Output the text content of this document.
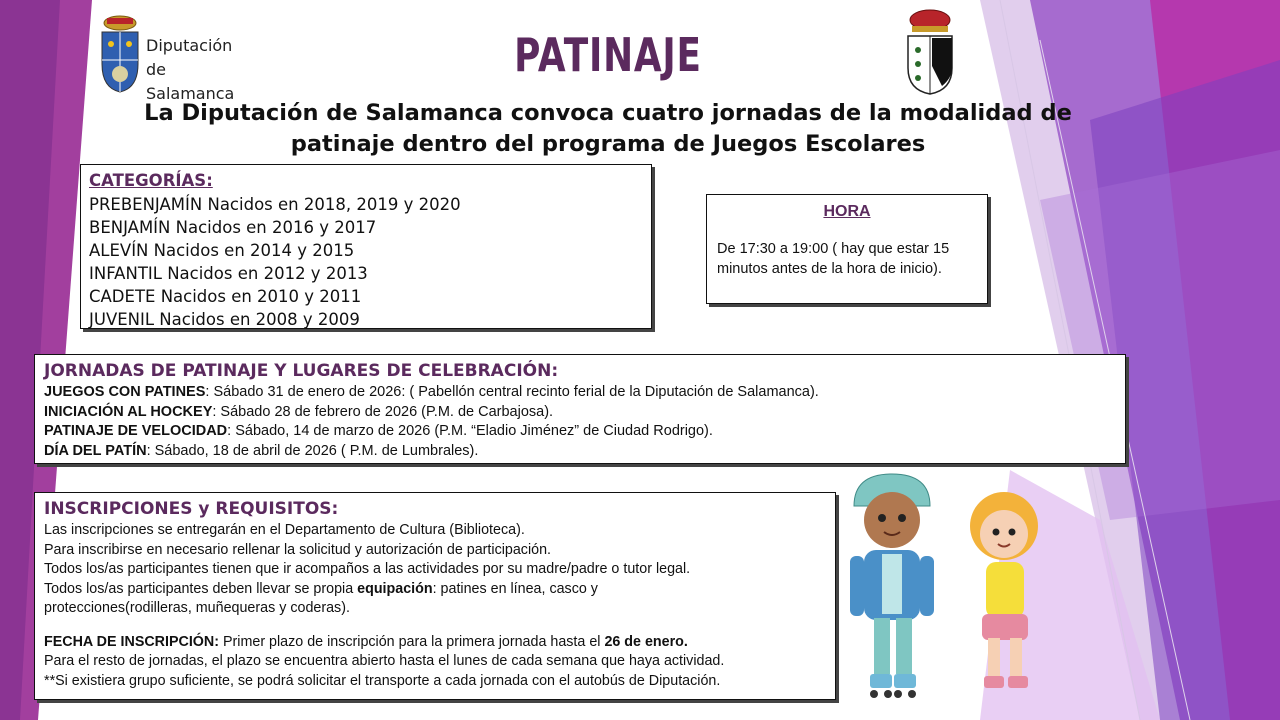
Diputación
de Salamanca
PATINAJE
La Diputación de Salamanca convoca cuatro jornadas de la modalidad de
patinaje dentro del programa de Juegos Escolares
CATEGORÍAS:
PREBENJAMÍN Nacidos en 2018, 2019 y 2020
BENJAMÍN Nacidos en 2016 y 2017
ALEVÍN Nacidos en 2014 y 2015
INFANTIL Nacidos en 2012 y 2013
CADETE Nacidos en 2010 y 2011
JUVENIL Nacidos en 2008 y 2009
HORA
De 17:30 a 19:00 ( hay que estar 15
minutos antes de la hora de inicio).
JORNADAS DE PATINAJE Y LUGARES DE CELEBRACIÓN:
JUEGOS CON PATINES: Sábado 31 de enero de 2026: ( Pabellón central recinto ferial de la Diputación de Salamanca).
INICIACIÓN AL HOCKEY: Sábado 28 de febrero de 2026 (P.M. de Carbajosa).
PATINAJE DE VELOCIDAD: Sábado, 14 de marzo de 2026 (P.M. “Eladio Jiménez” de Ciudad Rodrigo).
DÍA DEL PATÍN: Sábado, 18 de abril de 2026 ( P.M. de Lumbrales).
INSCRIPCIONES y REQUISITOS:
Las inscripciones se entregarán en el Departamento de Cultura (Biblioteca).
Para inscribirse en necesario rellenar la solicitud y autorización de participación.
Todos los/as participantes tienen que ir acompaños a las actividades por su madre/padre o tutor legal.
Todos los/as participantes deben llevar se propia equipación: patines en línea, casco y
protecciones(rodilleras, muñequeras y coderas).
FECHA DE INSCRIPCIÓN: Primer plazo de inscripción para la primera jornada hasta el 26 de enero.
Para el resto de jornadas, el plazo se encuentra abierto hasta el lunes de cada semana que haya actividad.
**Si existiera grupo suficiente, se podrá solicitar el transporte a cada jornada con el autobús de Diputación.
